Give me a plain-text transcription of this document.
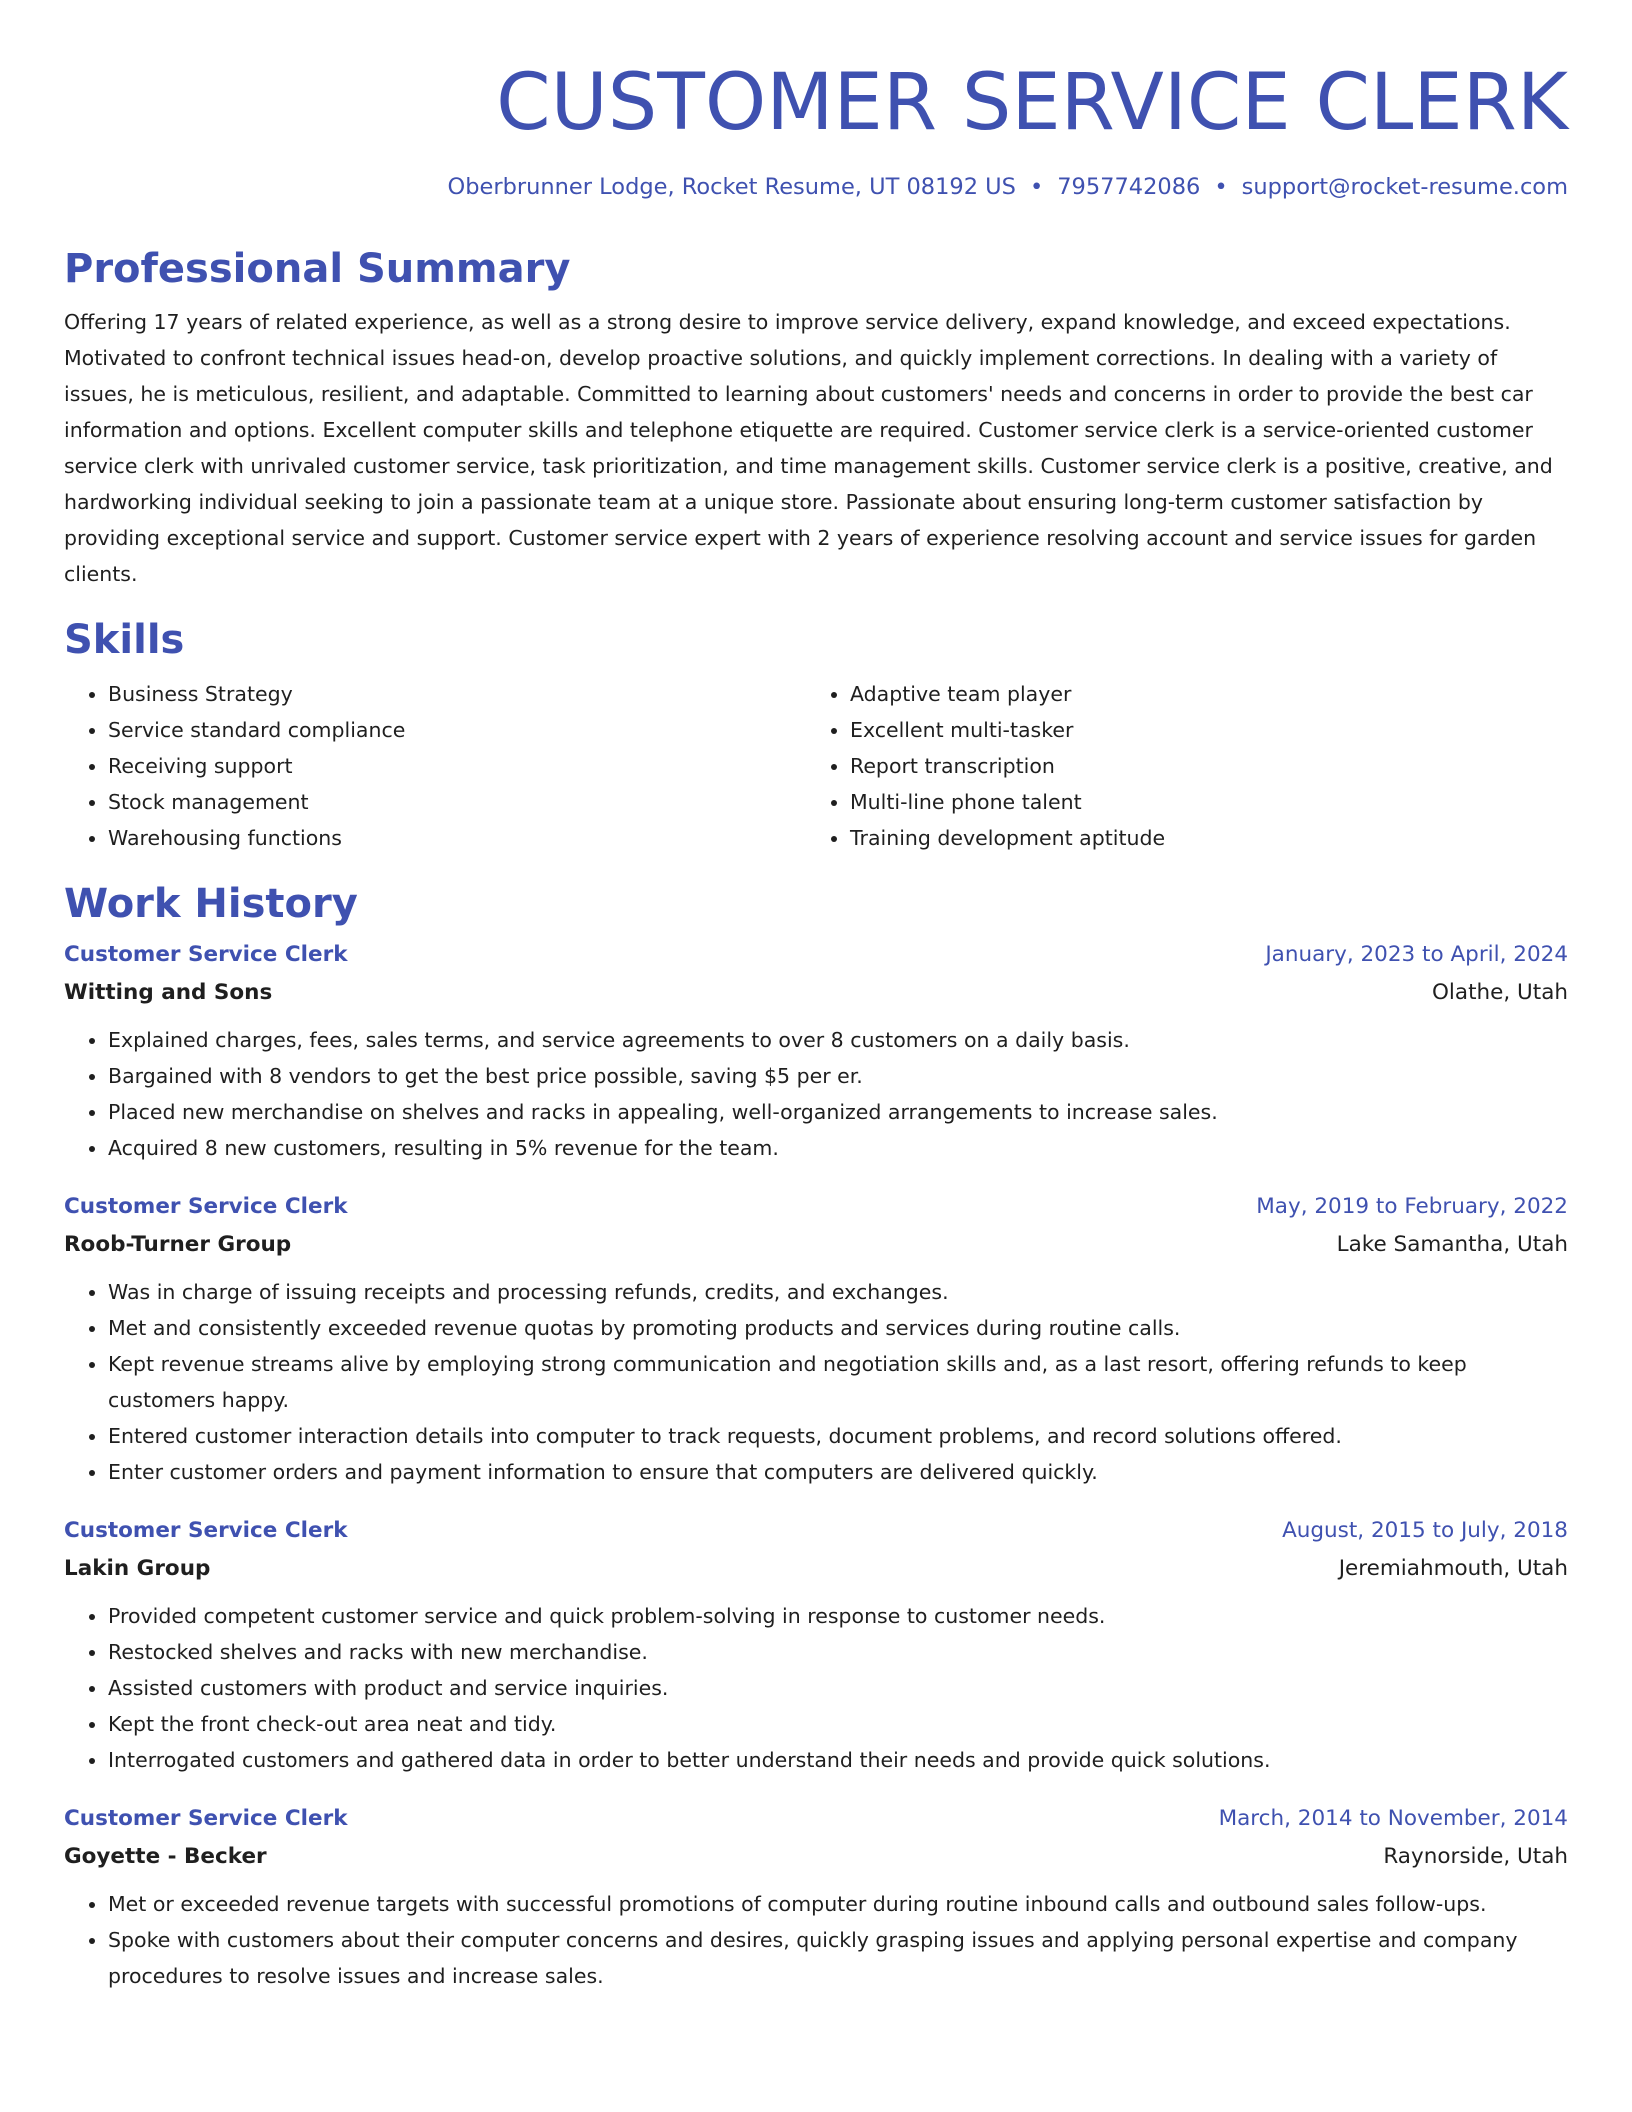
CUSTOMER SERVICE CLERK
Oberbrunner Lodge, Rocket Resume, UT 08192 US • 7957742086 • support@rocket-resume.com
Professional Summary
Offering 17 years of related experience, as well as a strong desire to improve service delivery, expand knowledge, and exceed expectations. Motivated to confront technical issues head-on, develop proactive solutions, and quickly implement corrections. In dealing with a variety of issues, he is meticulous, resilient, and adaptable. Committed to learning about customers' needs and concerns in order to provide the best car information and options. Excellent computer skills and telephone etiquette are required. Customer service clerk is a service-oriented customer service clerk with unrivaled customer service, task prioritization, and time management skills. Customer service clerk is a positive, creative, and hardworking individual seeking to join a passionate team at a unique store. Passionate about ensuring long-term customer satisfaction by providing exceptional service and support. Customer service expert with 2 years of experience resolving account and service issues for garden clients.
Skills
• Business Strategy
• Service standard compliance
• Receiving support
• Stock management
• Warehousing functions
• Adaptive team player
• Excellent multi-tasker
• Report transcription
• Multi-line phone talent
• Training development aptitude
Work History
Customer Service Clerk	January, 2023 to April, 2024
Witting and Sons	Olathe, Utah
• Explained charges, fees, sales terms, and service agreements to over 8 customers on a daily basis.
• Bargained with 8 vendors to get the best price possible, saving $5 per er.
• Placed new merchandise on shelves and racks in appealing, well-organized arrangements to increase sales.
• Acquired 8 new customers, resulting in 5% revenue for the team.
Customer Service Clerk	May, 2019 to February, 2022
Roob-Turner Group	Lake Samantha, Utah
• Was in charge of issuing receipts and processing refunds, credits, and exchanges.
• Met and consistently exceeded revenue quotas by promoting products and services during routine calls.
• Kept revenue streams alive by employing strong communication and negotiation skills and, as a last resort, offering refunds to keep customers happy.
• Entered customer interaction details into computer to track requests, document problems, and record solutions offered.
• Enter customer orders and payment information to ensure that computers are delivered quickly.
Customer Service Clerk	August, 2015 to July, 2018
Lakin Group	Jeremiahmouth, Utah
• Provided competent customer service and quick problem-solving in response to customer needs.
• Restocked shelves and racks with new merchandise.
• Assisted customers with product and service inquiries.
• Kept the front check-out area neat and tidy.
• Interrogated customers and gathered data in order to better understand their needs and provide quick solutions.
Customer Service Clerk	March, 2014 to November, 2014
Goyette - Becker	Raynorside, Utah
• Met or exceeded revenue targets with successful promotions of computer during routine inbound calls and outbound sales follow-ups.
• Spoke with customers about their computer concerns and desires, quickly grasping issues and applying personal expertise and company procedures to resolve issues and increase sales.
